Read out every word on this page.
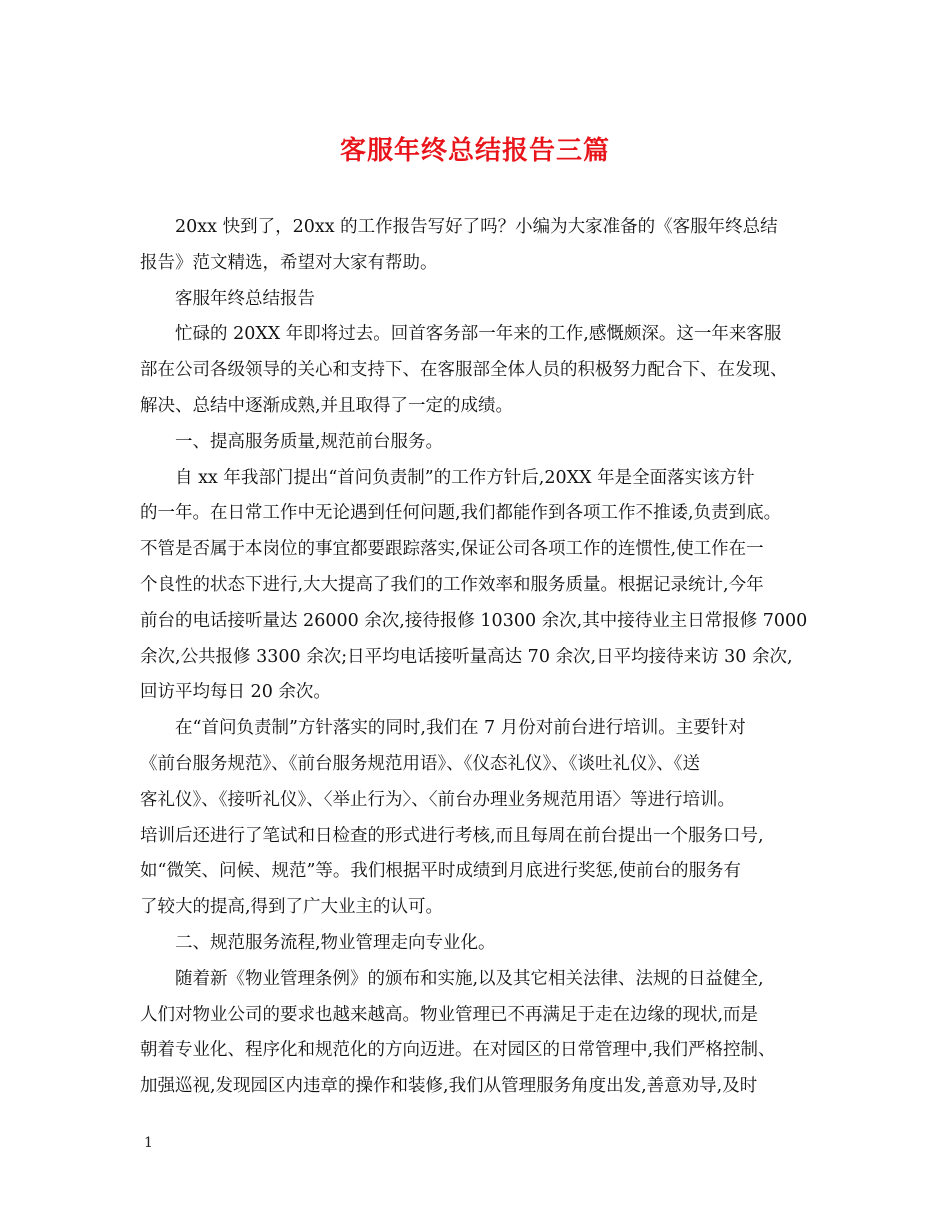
客服年终总结报告三篇
20xx 快到了，20xx 的工作报告写好了吗？小编为大家准备的《客服年终总结
报告》范文精选，希望对大家有帮助。
客服年终总结报告
忙碌的 20XX 年即将过去。回首客务部一年来的工作,感慨颇深。这一年来客服
部在公司各级领导的关心和支持下、在客服部全体人员的积极努力配合下、在发现、
解决、总结中逐渐成熟,并且取得了一定的成绩。
一、提高服务质量,规范前台服务。
自 xx 年我部门提出“首问负责制”的工作方针后,20XX 年是全面落实该方针
的一年。在日常工作中无论遇到任何问题,我们都能作到各项工作不推诿,负责到底。
不管是否属于本岗位的事宜都要跟踪落实,保证公司各项工作的连惯性,使工作在一
个良性的状态下进行,大大提高了我们的工作效率和服务质量。根据记录统计,今年
前台的电话接听量达 26000 余次,接待报修 10300 余次,其中接待业主日常报修 7000
余次,公共报修 3300 余次;日平均电话接听量高达 70 余次,日平均接待来访 30 余次,
回访平均每日 20 余次。
在“首问负责制”方针落实的同时,我们在 7 月份对前台进行培训。主要针对
《前台服务规范》、《前台服务规范用语》、《仪态礼仪》、《谈吐礼仪》、《送
客礼仪》、《接听礼仪》、〈举止行为〉、〈前台办理业务规范用语〉等进行培训。
培训后还进行了笔试和日检查的形式进行考核,而且每周在前台提出一个服务口号,
如“微笑、问候、规范”等。我们根据平时成绩到月底进行奖惩,使前台的服务有
了较大的提高,得到了广大业主的认可。
二、规范服务流程,物业管理走向专业化。
随着新《物业管理条例》的颁布和实施,以及其它相关法律、法规的日益健全,
人们对物业公司的要求也越来越高。物业管理已不再满足于走在边缘的现状,而是
朝着专业化、程序化和规范化的方向迈进。在对园区的日常管理中,我们严格控制、
加强巡视,发现园区内违章的操作和装修,我们从管理服务角度出发,善意劝导,及时
1
